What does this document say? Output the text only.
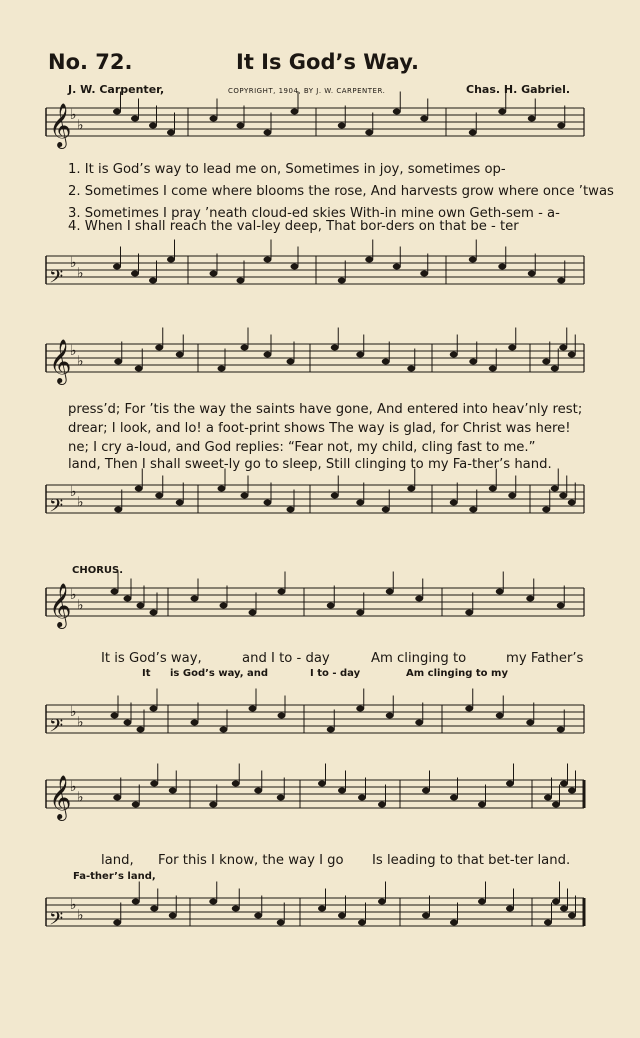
𝄞
♭
♭
𝄢
♭
♭
𝄞
♭
♭
𝄢
♭
♭
𝄞
♭
♭
𝄢
♭
♭
𝄞
♭
♭
𝄢
♭
♭
No. 72.	It Is God’s Way.
J. W. Carpenter,	COPYRIGHT, 1904, BY J. W. CARPENTER.	Chas. H. Gabriel.
1. It is God’s way to lead me on, Sometimes in joy, sometimes op-
2. Sometimes I come where blooms the rose, And harvests grow where once ’twas
3. Sometimes I pray ’neath cloud-ed skies With-in mine own Geth-sem - a-
4. When I shall reach the val-ley deep, That bor-ders on that be - ter
press’d; For ’tis the way the saints have gone, And entered into heav’nly rest;
drear; I look, and lo! a foot-print shows The way is glad, for Christ was here!
ne; I cry a-loud, and God replies: “Fear not, my child, cling fast to me.”
land, Then I shall sweet-ly go to sleep, Still clinging to my Fa-ther’s hand.
CHORUS.
It is God’s way,	and I to - day	Am clinging to	my Father’s
It is God’s way, and	I to - day	Am clinging to my
land, For this I know, the way I go Is leading to that bet-ter land.
Fa-ther’s land,
